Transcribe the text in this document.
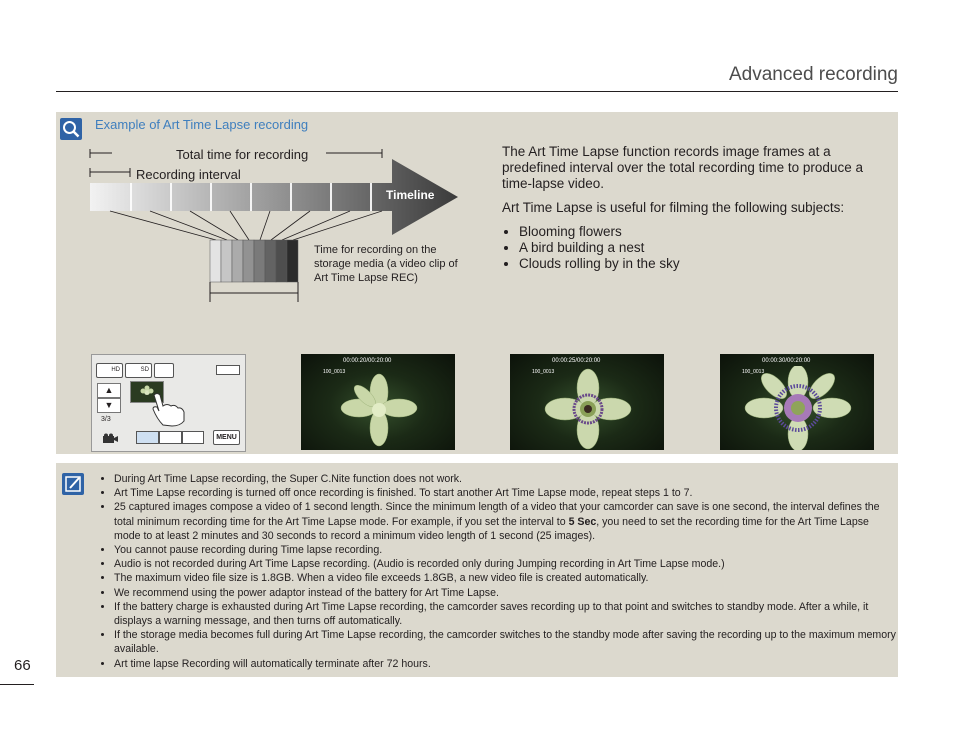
Advanced recording
Example of Art Time Lapse recording
Total time for recording
Recording interval
Timeline
Time for recording on the storage media (a video clip of Art Time Lapse REC)

The Art Time Lapse function records image frames at a predefined interval over the total recording time to produce a time-lapse video.

Art Time Lapse is useful for filming the following subjects:

• Blooming flowers
• A bird building a nest
• Clouds rolling by in the sky
HD	SD
▲
▼
3/3
MENU
00:00:20/00:20:00
100_0013
00:00:25/00:20:00
100_0013
00:00:30/00:20:00
100_0013
• During Art Time Lapse recording, the Super C.Nite function does not work.
• Art Time Lapse recording is turned off once recording is finished. To start another Art Time Lapse mode, repeat steps 1 to 7.
• 25 captured images compose a video of 1 second length. Since the minimum length of a video that your camcorder can save is one second, the interval defines the total minimum recording time for the Art Time Lapse mode. For example, if you set the interval to 5 Sec, you need to set the recording time for the Art Time Lapse mode to at least 2 minutes and 30 seconds to record a minimum video length of 1 second (25 images).
• You cannot pause recording during Time lapse recording.
• Audio is not recorded during Art Time Lapse recording. (Audio is recorded only during Jumping recording in Art Time Lapse mode.)
• The maximum video file size is 1.8GB. When a video file exceeds 1.8GB, a new video file is created automatically.
• We recommend using the power adaptor instead of the battery for Art Time Lapse.
• If the battery charge is exhausted during Art Time Lapse recording, the camcorder saves recording up to that point and switches to standby mode. After a while, it displays a warning message, and then turns off automatically.
• If the storage media becomes full during Art Time Lapse recording, the camcorder switches to the standby mode after saving the recording up to the maximum memory available.
• Art time lapse Recording will automatically terminate after 72 hours.
66
